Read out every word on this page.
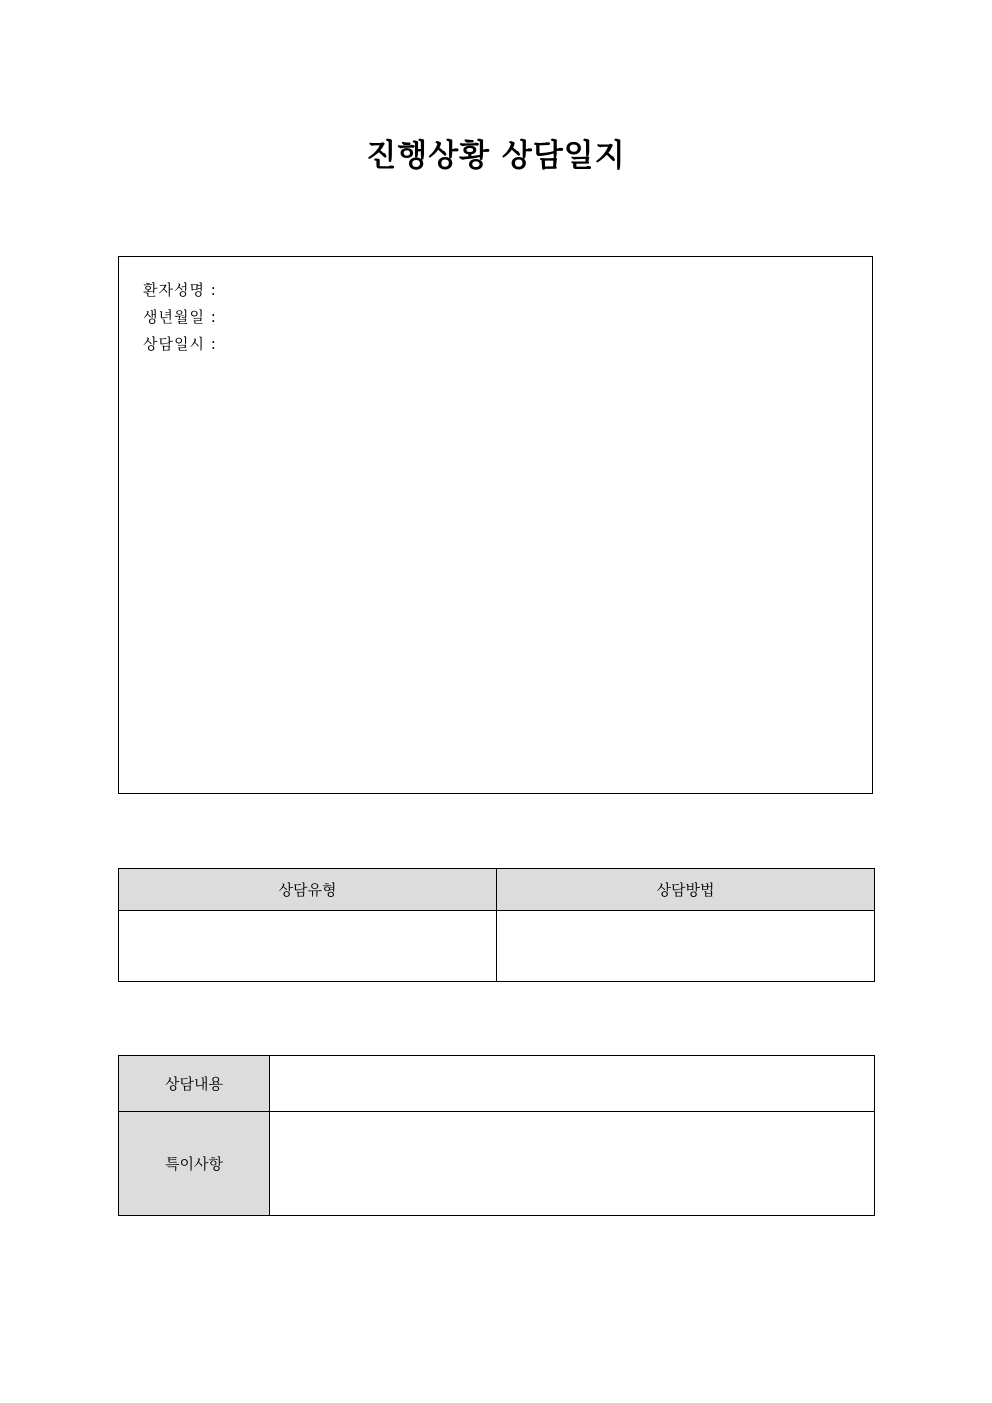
진행상황 상담일지
환자성명 :
생년월일 :
상담일시 :
상담유형	상담방법

상담내용	
특이사항	
